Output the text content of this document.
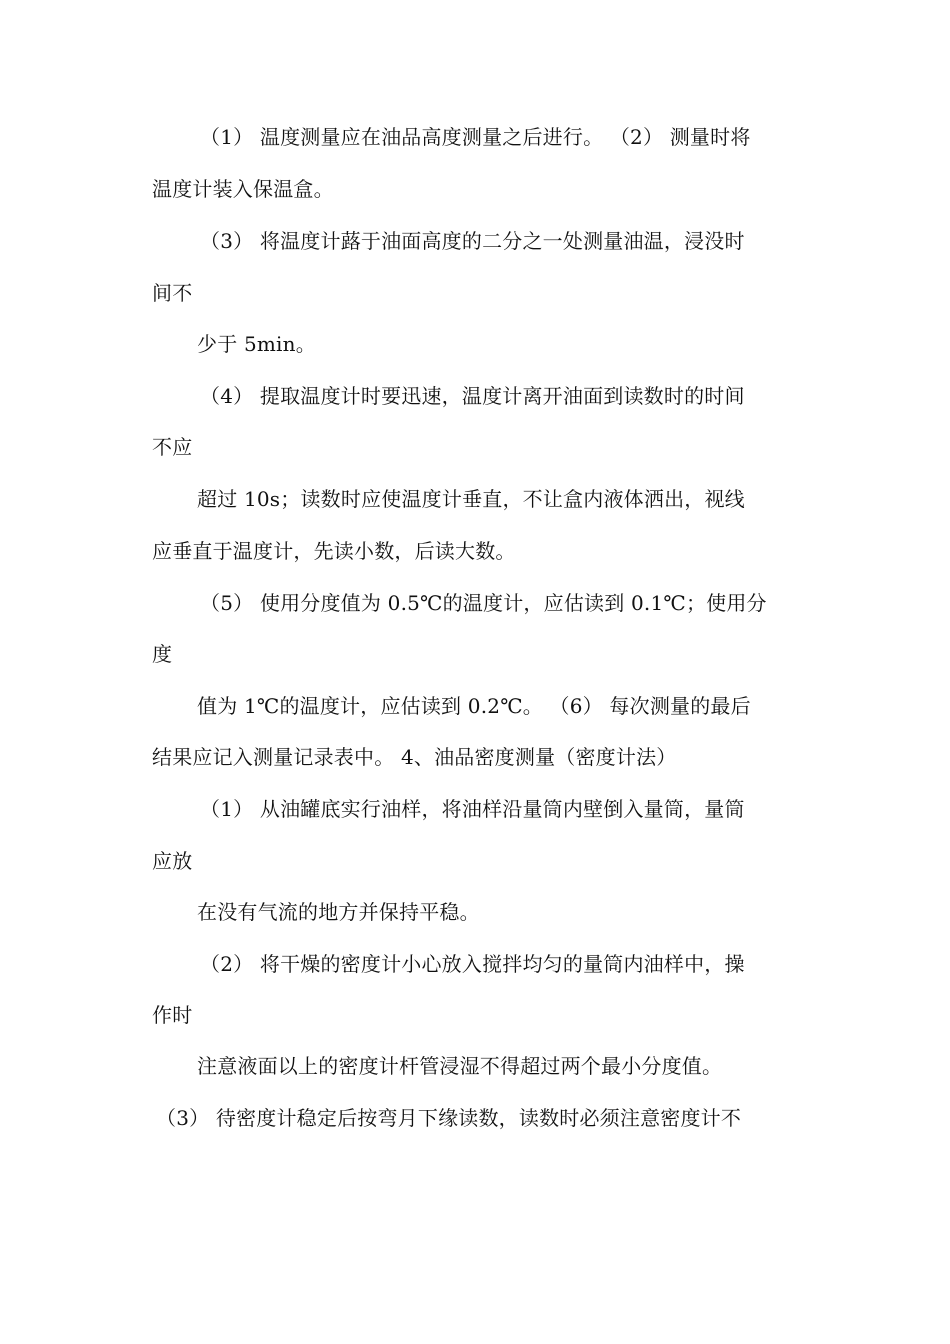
（1） 温度测量应在油品高度测量之后进行。 （2） 测量时将
温度计装入保温盒。
（3） 将温度计蕗于油面高度的二分之一处测量油温，浸没时
间不
少于 5min。
（4） 提取温度计时要迅速，温度计离开油面到读数时的时间
不应
超过 10s；读数时应使温度计垂直，不让盒内液体洒出，视线
应垂直于温度计，先读小数，后读大数。
（5） 使用分度值为 0.5℃的温度计，应估读到 0.1℃；使用分
度
值为 1℃的温度计，应估读到 0.2℃。 （6） 每次测量的最后
结果应记入测量记录表中。 4、油品密度测量（密度计法）
（1） 从油罐底实行油样，将油样沿量筒内壁倒入量筒，量筒
应放
在没有气流的地方并保持平稳。
（2） 将干燥的密度计小心放入搅拌均匀的量筒内油样中，操
作时
注意液面以上的密度计杆管浸湿不得超过两个最小分度值。
（3） 待密度计稳定后按弯月下缘读数，读数时必须注意密度计不
